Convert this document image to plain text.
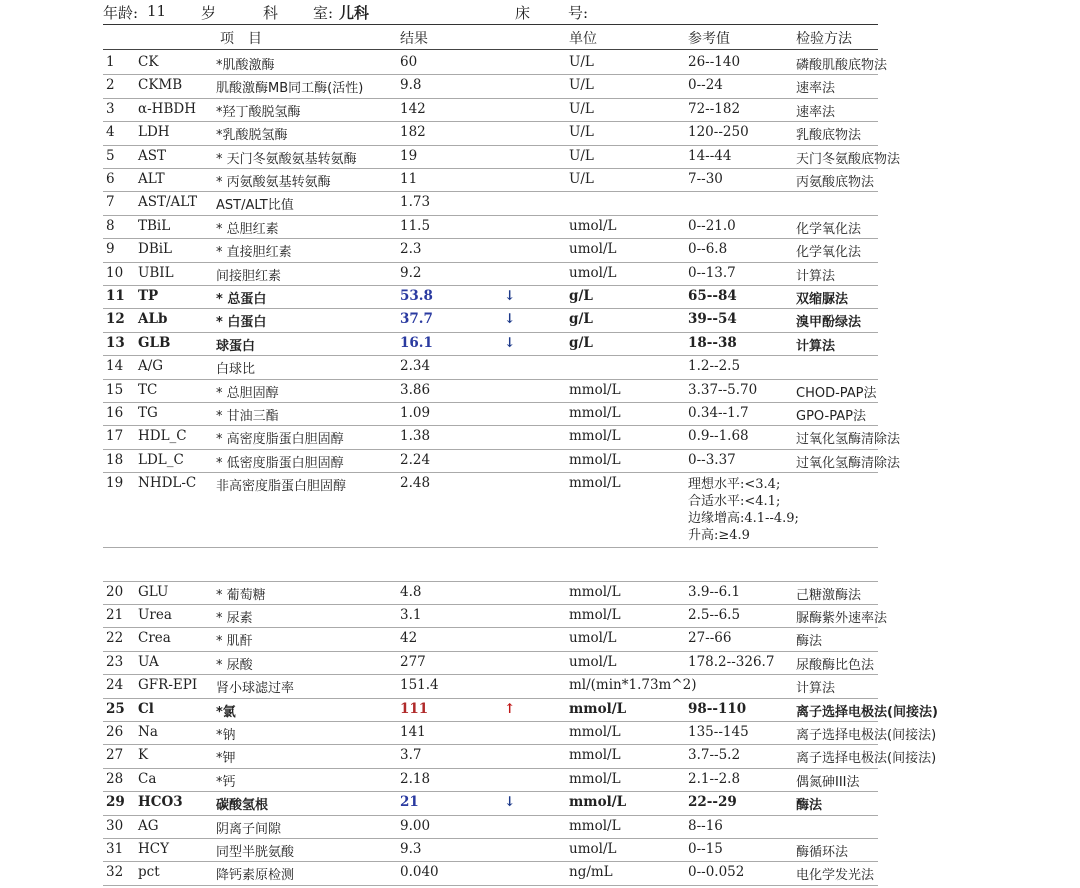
年龄: 11 岁	科 室: 儿科	床	号:
项　目	结果	单位	参考值	检验方法
1 CK	*肌酸激酶	60	U/L	26--140	磷酸肌酸底物法
2 CKMB	肌酸激酶MB同工酶(活性)	9.8	U/L	0--24	速率法
3 α-HBDH *羟丁酸脱氢酶	142	U/L	72--182	速率法
4 LDH	*乳酸脱氢酶	182	U/L	120--250	乳酸底物法
5 AST	* 天门冬氨酸氨基转氨酶	19	U/L	14--44	天门冬氨酸底物法
6 ALT	* 丙氨酸氨基转氨酶	11	U/L	7--30	丙氨酸底物法
7 AST/ALT AST/ALT比值	1.73
8 TBiL	* 总胆红素	11.5	umol/L	0--21.0	化学氧化法
9 DBiL	* 直接胆红素	2.3	umol/L	0--6.8	化学氧化法
10 UBIL	间接胆红素	9.2	umol/L	0--13.7	计算法
11 TP	* 总蛋白	53.8	↓	g/L	65--84	双缩脲法
12 ALb	* 白蛋白	37.7	↓	g/L	39--54	溴甲酚绿法
13 GLB	球蛋白	16.1	↓	g/L	18--38	计算法
14 A/G	白球比	2.34	1.2--2.5
15 TC	* 总胆固醇	3.86	mmol/L	3.37--5.70	CHOD-PAP法
16 TG	* 甘油三酯	1.09	mmol/L	0.34--1.7	GPO-PAP法
17 HDL_C * 高密度脂蛋白胆固醇	1.38	mmol/L	0.9--1.68	过氧化氢酶清除法
18 LDL_C * 低密度脂蛋白胆固醇	2.24	mmol/L	0--3.37	过氧化氢酶清除法
19 NHDL-C 非高密度脂蛋白胆固醇	2.48	mmol/L	理想水平:<3.4;
合适水平:<4.1;
边缘增高:4.1--4.9;
升高:≥4.9
20 GLU	* 葡萄糖	4.8	mmol/L	3.9--6.1	己糖激酶法
21 Urea	* 尿素	3.1	mmol/L	2.5--6.5	脲酶紫外速率法
22 Crea	* 肌酐	42	umol/L	27--66	酶法
23 UA	* 尿酸	277	umol/L	178.2--326.7 尿酸酶比色法
24 GFR-EPI 肾小球滤过率	151.4	ml/(min*1.73m^2)	计算法
25 Cl	*氯	111	↑	mmol/L	98--110	离子选择电极法(间接法)
26 Na	*钠	141	mmol/L	135--145	离子选择电极法(间接法)
27 K	*钾	3.7	mmol/L	3.7--5.2	离子选择电极法(间接法)
28 Ca	*钙	2.18	mmol/L	2.1--2.8	偶氮砷III法
29 HCO3	碳酸氢根	21	↓	mmol/L	22--29	酶法
30 AG	阴离子间隙	9.00	mmol/L	8--16
31 HCY	同型半胱氨酸	9.3	umol/L	0--15	酶循环法
32 pct	降钙素原检测	0.040	ng/mL	0--0.052	电化学发光法
